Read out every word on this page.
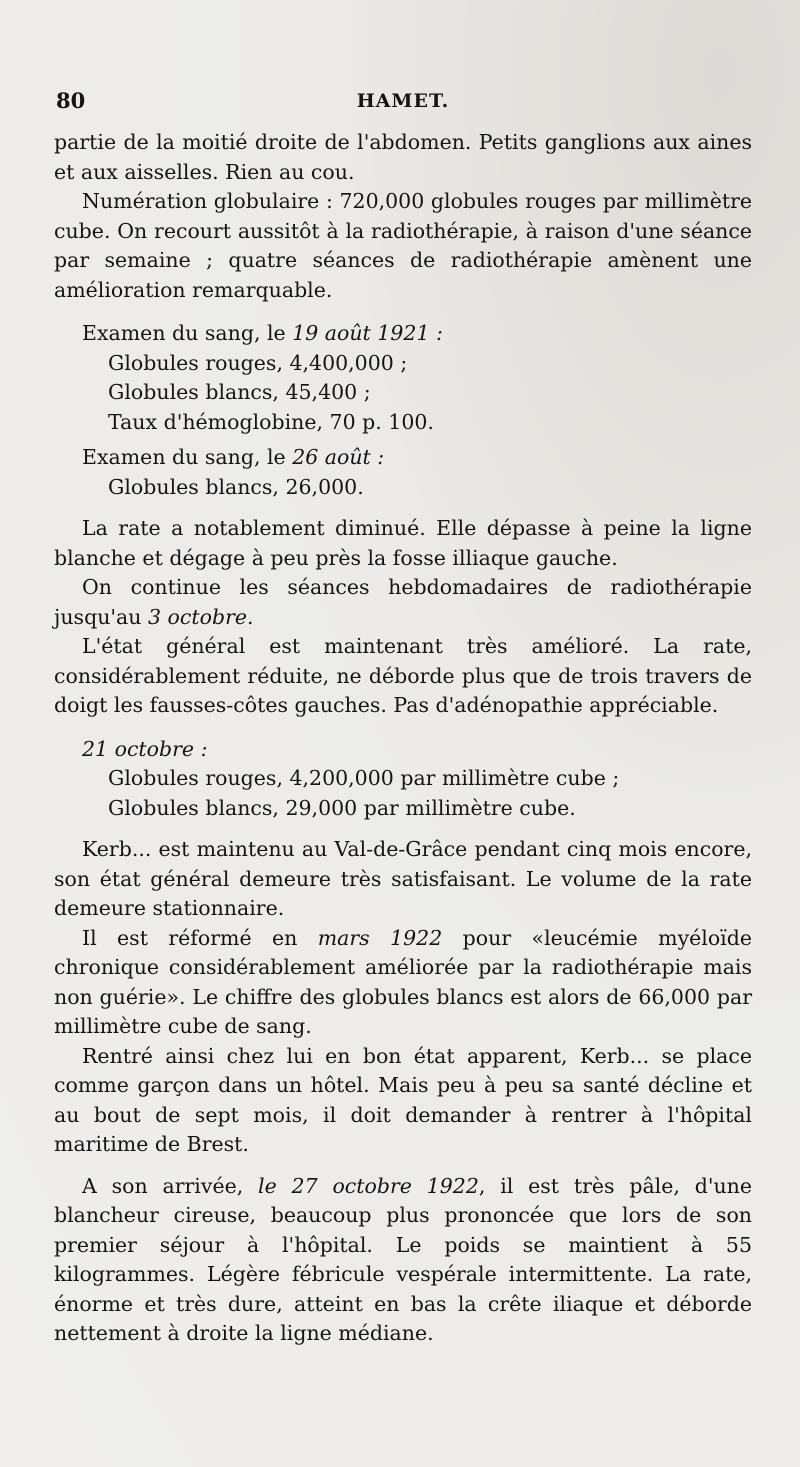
80	HAMET.

partie de la moitié droite de l'abdomen. Petits ganglions aux aines et aux aisselles. Rien au cou.

Numération globulaire : 720,000 globules rouges par millimètre cube. On recourt aussitôt à la radiothérapie, à raison d'une séance par semaine ; quatre séances de radiothérapie amènent une amélioration remarquable.

Examen du sang, le 19 août 1921 :

Globules rouges, 4,400,000 ;
Globules blancs, 45,400 ;
Taux d'hémoglobine, 70 p. 100.

Examen du sang, le 26 août :

Globules blancs, 26,000.

La rate a notablement diminué. Elle dépasse à peine la ligne blanche et dégage à peu près la fosse illiaque gauche.

On continue les séances hebdomadaires de radiothérapie jusqu'au 3 octobre.

L'état général est maintenant très amélioré. La rate, considérablement réduite, ne déborde plus que de trois travers de doigt les fausses-côtes gauches. Pas d'adénopathie appréciable.

21 octobre :

Globules rouges, 4,200,000 par millimètre cube ;
Globules blancs, 29,000 par millimètre cube.

Kerb... est maintenu au Val-de-Grâce pendant cinq mois encore, son état général demeure très satisfaisant. Le volume de la rate demeure stationnaire.

Il est réformé en mars 1922 pour «leucémie myéloïde chronique considérablement améliorée par la radiothérapie mais non guérie». Le chiffre des globules blancs est alors de 66,000 par millimètre cube de sang.

Rentré ainsi chez lui en bon état apparent, Kerb... se place comme garçon dans un hôtel. Mais peu à peu sa santé décline et au bout de sept mois, il doit demander à rentrer à l'hôpital maritime de Brest.

A son arrivée, le 27 octobre 1922, il est très pâle, d'une blancheur cireuse, beaucoup plus prononcée que lors de son premier séjour à l'hôpital. Le poids se maintient à 55 kilogrammes. Légère fébricule vespérale intermittente. La rate, énorme et très dure, atteint en bas la crête iliaque et déborde nettement à droite la ligne médiane.
